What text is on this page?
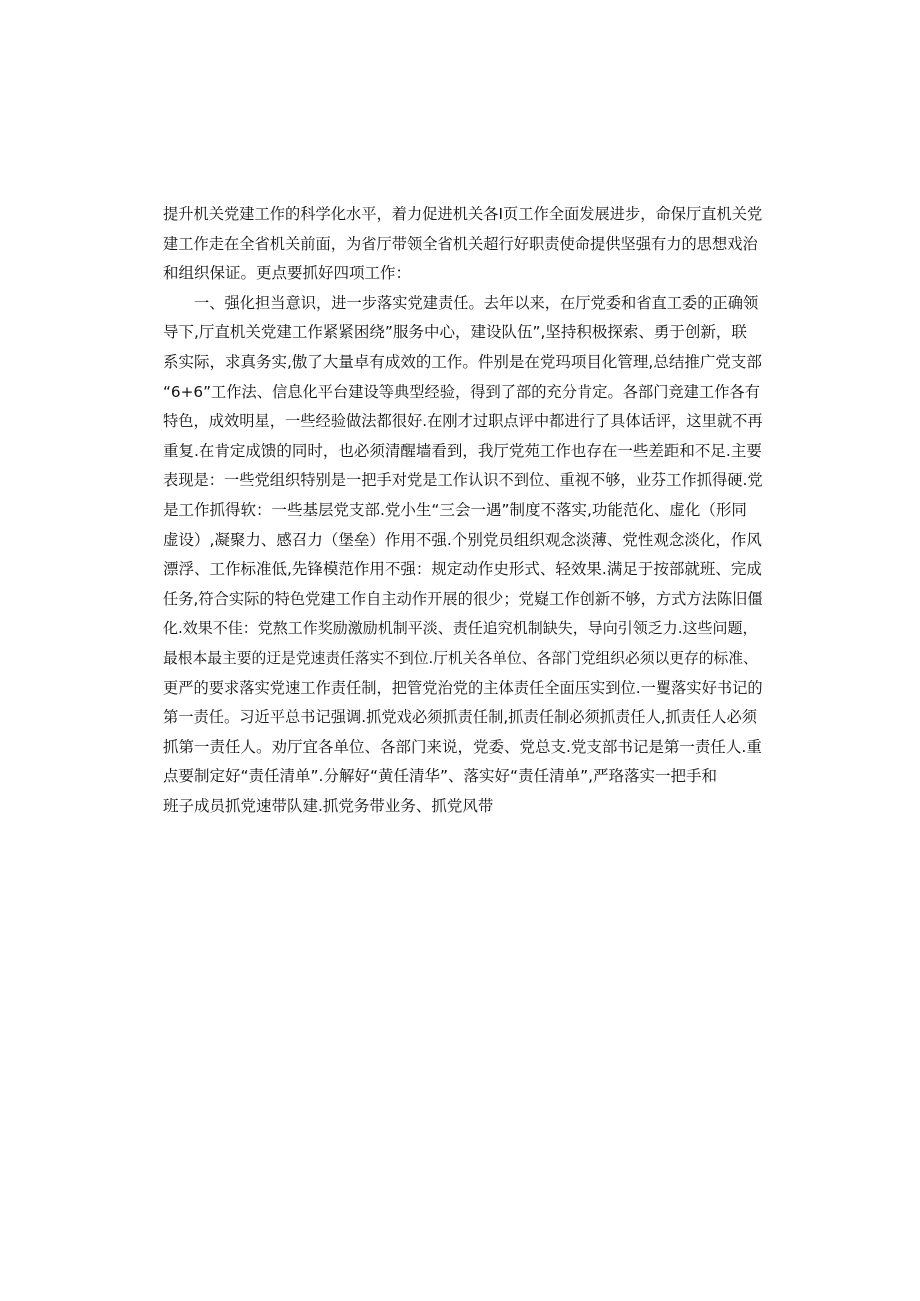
提升机关党建工作的科学化水平，着力促进机关各I页工作全面发展进步，命保厅直机关党
建工作走在全省机关前面，为省厅带领全省机关超行好职责使命提供坚强有力的思想戏治
和组织保证。更点要抓好四项工作：
一、强化担当意识，进一步落实党建责任。去年以来，在厅党委和省直工委的正确领
导下,厅直机关党建工作紧紧困绕”服务中心，建设队伍”,坚持积极探索、勇于创新，联
系实际，求真务实,傲了大量卓有成效的工作。件别是在党玛项目化管理,总结推广党支部
“6+6”工作法、信息化平台建设等典型经验，得到了部的充分肯定。各部门竞建工作各有
特色，成效明星，一些经验做法都很好.在刚才过职点评中都进行了具体话评，这里就不再
重复.在肯定成馈的同时，也必须清醒墙看到，我厅党苑工作也存在一些差距和不足.主要
表现是：一些党组织特别是一把手对党是工作认识不到位、重视不够，业芬工作抓得硬.党
是工作抓得软：一些基层党支部.党小生“三会一遇”制度不落实,功能范化、虚化（形同
虚设）,凝聚力、感召力（堡垒）作用不强.个别党员组织观念淡薄、党性观念淡化，作风
漂浮、工作标准低,先锋模范作用不强：规定动作史形式、轻效果.满足于按部就班、完成
任务,符合实际的特色党建工作自主动作开展的很少；党嶷工作创新不够，方式方法陈旧僵
化.效果不佳：党熬工作奖励激励机制平淡、责任追究机制缺失，导向引领乏力.这些问题，
最根本最主要的迂是党速责任落实不到位.厅机关各单位、各部门党组织必须以更存的标准、
更严的要求落实党速工作责任制，把管党治党的主体责任全面压实到位.一矍落实好书记的
第一责任。习近平总书记强调.抓党戏必须抓责任制,抓责任制必须抓责任人,抓责任人必须
抓第一责任人。劝厅宜各单位、各部门来说，党委、党总支.党支部书记是第一责任人.重
点要制定好“责任清单”.分解好“黄任清华”、落实好“责任清单”,严珞落实一把手和
班子成员抓党速带队建.抓党务带业务、抓党风带
